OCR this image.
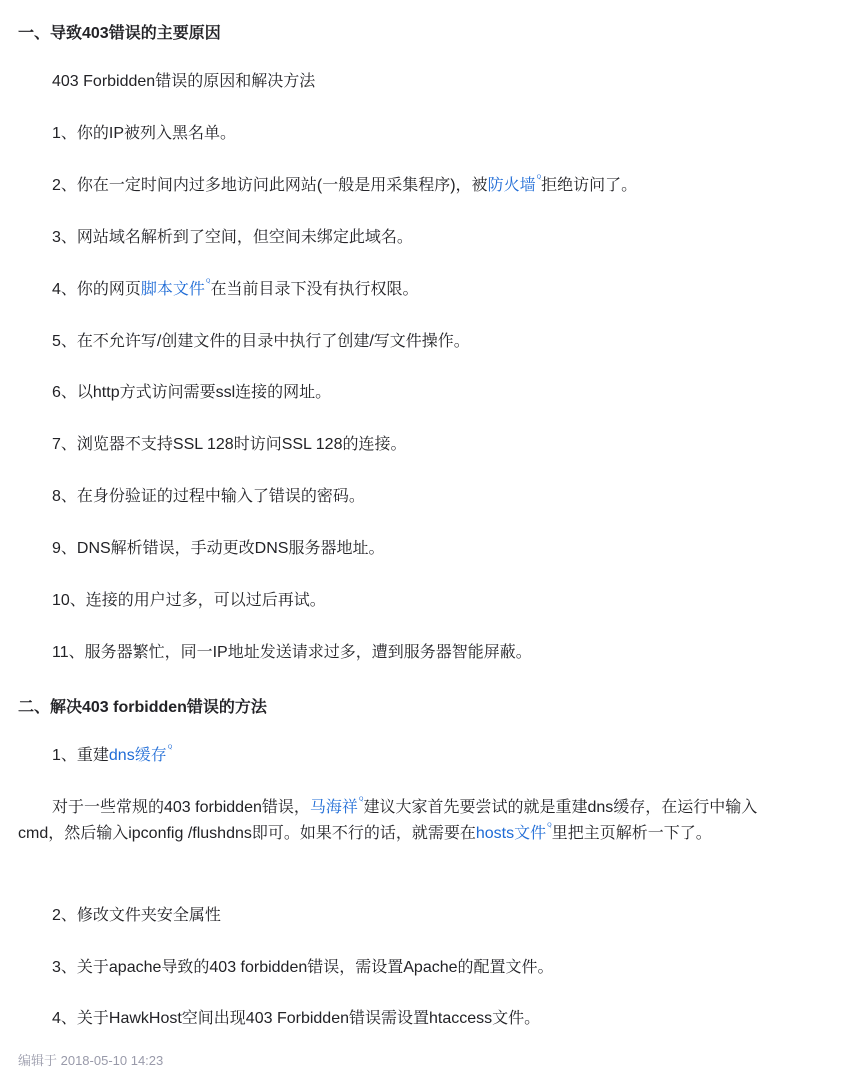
一、导致403错误的主要原因
403 Forbidden错误的原因和解决方法
1、你的IP被列入黑名单。
2、你在一定时间内过多地访问此网站(一般是用采集程序)，被防火墙$^ꟴ$拒绝访问了。
3、网站域名解析到了空间，但空间未绑定此域名。
4、你的网页脚本文件$^ꟴ$在当前目录下没有执行权限。
5、在不允许写/创建文件的目录中执行了创建/写文件操作。
6、以http方式访问需要ssl连接的网址。
7、浏览器不支持SSL 128时访问SSL 128的连接。
8、在身份验证的过程中输入了错误的密码。
9、DNS解析错误，手动更改DNS服务器地址。
10、连接的用户过多，可以过后再试。
11、服务器繁忙，同一IP地址发送请求过多，遭到服务器智能屏蔽。
二、解决403 forbidden错误的方法
1、重建dns缓存$^ꟴ$
对于一些常规的403 forbidden错误，马海祥$^ꟴ$建议大家首先要尝试的就是重建dns缓存，在运行中输入cmd，然后输入ipconfig /flushdns即可。如果不行的话，就需要在hosts文件$^ꟴ$里把主页解析一下了。
2、修改文件夹安全属性
3、关于apache导致的403 forbidden错误，需设置Apache的配置文件。
4、关于HawkHost空间出现403 Forbidden错误需设置htaccess文件。
编辑于 2018-05-10 14:23
